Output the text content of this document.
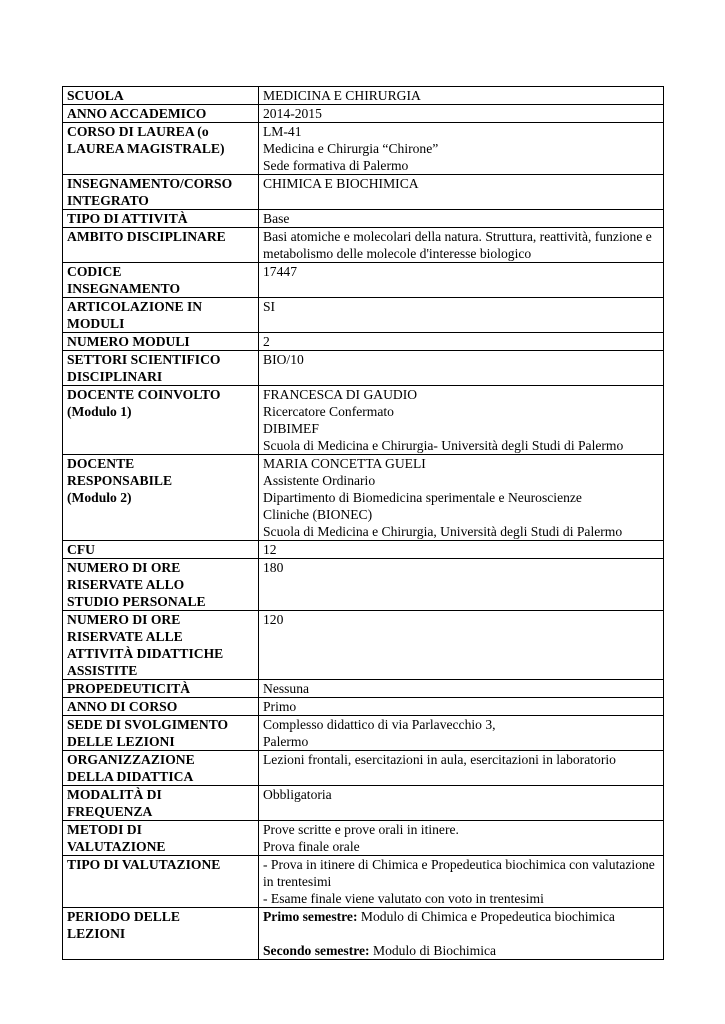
SCUOLA	MEDICINA E CHIRURGIA

ANNO ACCADEMICO	2014-2015

CORSO DI LAUREA (o
LAUREA MAGISTRALE)	LM-41
Medicina e Chirurgia “Chirone”
Sede formativa di Palermo

INSEGNAMENTO/CORSO
INTEGRATO	CHIMICA E BIOCHIMICA

TIPO DI ATTIVITÀ	Base

AMBITO DISCIPLINARE	Basi atomiche e molecolari della natura. Struttura, reattività, funzione e metabolismo delle molecole d'interesse biologico

CODICE
INSEGNAMENTO	17447

ARTICOLAZIONE IN
MODULI	SI

NUMERO MODULI	2

SETTORI SCIENTIFICO
DISCIPLINARI	BIO/10

DOCENTE COINVOLTO
(Modulo 1)	FRANCESCA DI GAUDIO
Ricercatore Confermato
DIBIMEF
Scuola di Medicina e Chirurgia- Università degli Studi di Palermo

DOCENTE
RESPONSABILE
(Modulo 2)	MARIA CONCETTA GUELI
Assistente Ordinario
Dipartimento di Biomedicina sperimentale e Neuroscienze
Cliniche (BIONEC)
Scuola di Medicina e Chirurgia, Università degli Studi di Palermo

CFU	12

NUMERO DI ORE
RISERVATE ALLO
STUDIO PERSONALE	180

NUMERO DI ORE
RISERVATE ALLE
ATTIVITÀ DIDATTICHE
ASSISTITE	120

PROPEDEUTICITÀ	Nessuna

ANNO DI CORSO	Primo

SEDE DI SVOLGIMENTO
DELLE LEZIONI	Complesso didattico di via Parlavecchio 3,
Palermo

ORGANIZZAZIONE
DELLA DIDATTICA	Lezioni frontali, esercitazioni in aula, esercitazioni in laboratorio

MODALITÀ DI
FREQUENZA	Obbligatoria

METODI DI
VALUTAZIONE	Prove scritte e prove orali in itinere.
Prova finale orale

TIPO DI VALUTAZIONE	- Prova in itinere di Chimica e Propedeutica biochimica con valutazione in trentesimi
- Esame finale viene valutato con voto in trentesimi

PERIODO DELLE
LEZIONI	Primo semestre: Modulo di Chimica e Propedeutica biochimica
Secondo semestre: Modulo di Biochimica
